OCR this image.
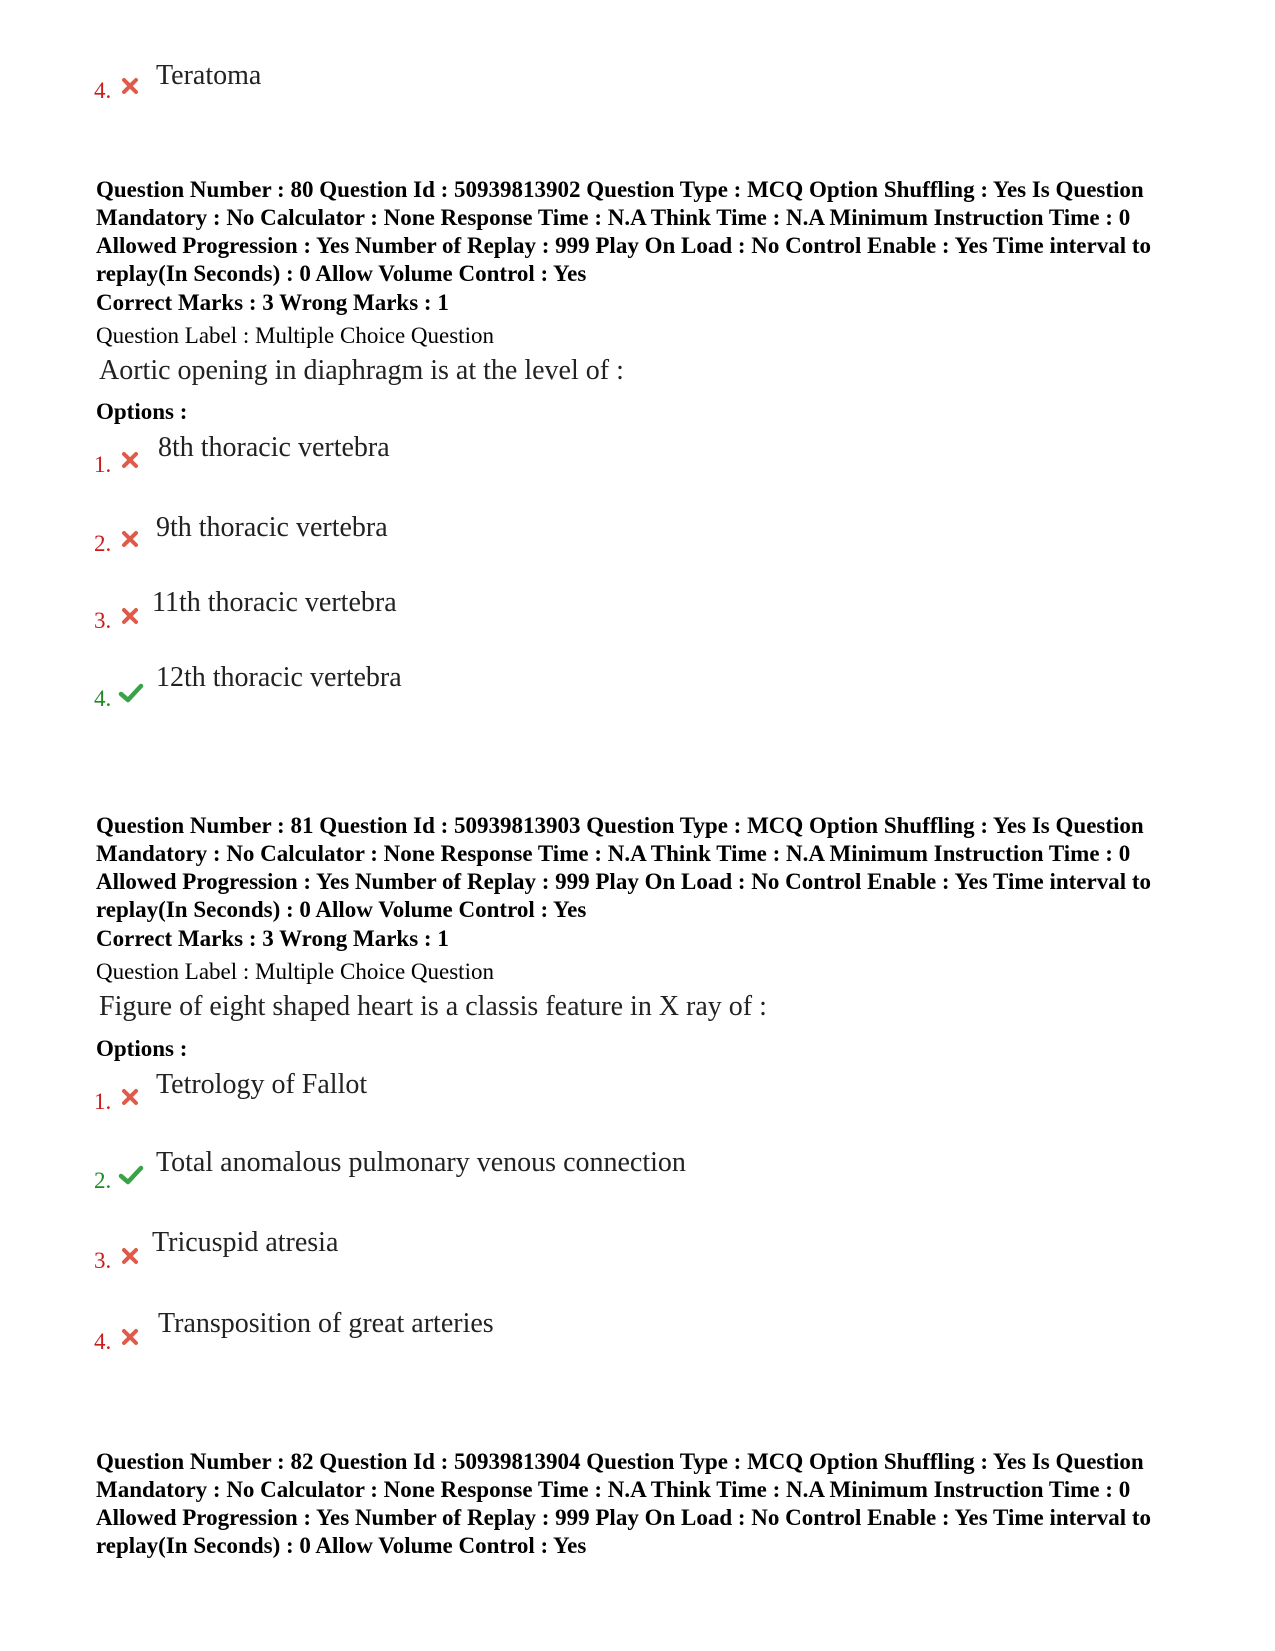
4. Teratoma

Question Number : 80 Question Id : 50939813902 Question Type : MCQ Option Shuffling : Yes Is Question Mandatory : No Calculator : None Response Time : N.A Think Time : N.A Minimum Instruction Time : 0 Allowed Progression : Yes Number of Replay : 999 Play On Load : No Control Enable : Yes Time interval to replay(In Seconds) : 0 Allow Volume Control : Yes

Correct Marks : 3 Wrong Marks : 1
Question Label : Multiple Choice Question
Aortic opening in diaphragm is at the level of :
Options :
1.
8th thoracic vertebra
2.
9th thoracic vertebra
3.
11th thoracic vertebra
4.
12th thoracic vertebra

Question Number : 81 Question Id : 50939813903 Question Type : MCQ Option Shuffling : Yes Is Question Mandatory : No Calculator : None Response Time : N.A Think Time : N.A Minimum Instruction Time : 0 Allowed Progression : Yes Number of Replay : 999 Play On Load : No Control Enable : Yes Time interval to replay(In Seconds) : 0 Allow Volume Control : Yes

Correct Marks : 3 Wrong Marks : 1
Question Label : Multiple Choice Question
Figure of eight shaped heart is a classis feature in X ray of :
Options :
1.
Tetrology of Fallot
2.
Total anomalous pulmonary venous connection
3.
Tricuspid atresia
4.
Transposition of great arteries

Question Number : 82 Question Id : 50939813904 Question Type : MCQ Option Shuffling : Yes Is Question Mandatory : No Calculator : None Response Time : N.A Think Time : N.A Minimum Instruction Time : 0 Allowed Progression : Yes Number of Replay : 999 Play On Load : No Control Enable : Yes Time interval to replay(In Seconds) : 0 Allow Volume Control : Yes
